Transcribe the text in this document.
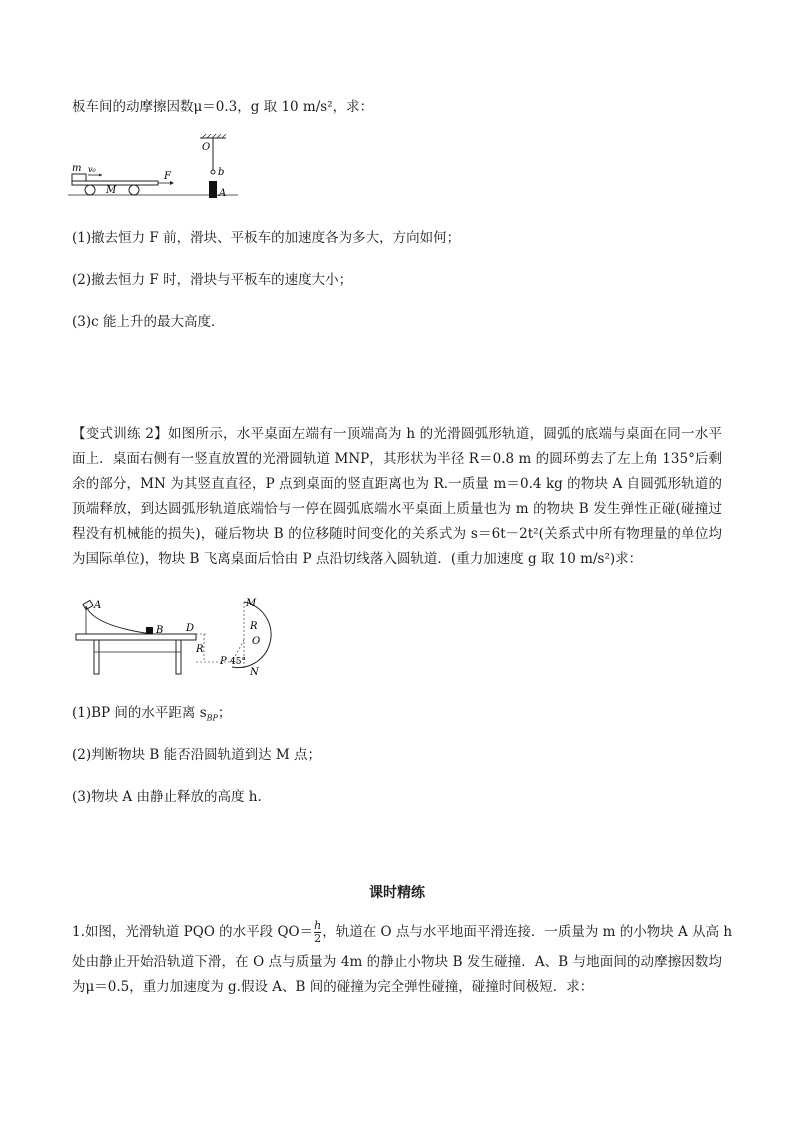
板车间的动摩擦因数μ＝0.3，g 取 10 m/s²，求：
O
b
A
m v₀
M
F
(1)撤去恒力 F 前，滑块、平板车的加速度各为多大，方向如何；
(2)撤去恒力 F 时，滑块与平板车的速度大小；
(3)c 能上升的最大高度．
【变式训练 2】如图所示，水平桌面左端有一顶端高为 h 的光滑圆弧形轨道，圆弧的底端与桌面在同一水平面上．桌面右侧有一竖直放置的光滑圆轨道 MNP，其形状为半径 R＝0.8 m 的圆环剪去了左上角 135°后剩余的部分，MN 为其竖直直径，P 点到桌面的竖直距离也为 R.一质量 m＝0.4 kg 的物块 A 自圆弧形轨道的顶端释放，到达圆弧形轨道底端恰与一停在圆弧底端水平桌面上质量也为 m 的物块 B 发生弹性正碰(碰撞过程没有机械能的损失)，碰后物块 B 的位移随时间变化的关系式为 s＝6t－2t²(关系式中所有物理量的单位均为国际单位)，物块 B 飞离桌面后恰由 P 点沿切线落入圆轨道．(重力加速度 g 取 10 m/s²)求：
A
B D
R
M
R
O
P 45°
N
(1)BP 间的水平距离 $s_{BP}$；
(2)判断物块 B 能否沿圆轨道到达 M 点；
(3)物块 A 由静止释放的高度 h.
课时精练
1.如图，光滑轨道 PQO 的水平段 $QO= \frac{h}{2}$ ，轨道在 O 点与水平地面平滑连接．一质量为 m 的小物块 A 从高 h
处由静止开始沿轨道下滑，在 O 点与质量为 4m 的静止小物块 B 发生碰撞．A、B 与地面间的动摩擦因数均为μ＝0.5，重力加速度为 g.假设 A、B 间的碰撞为完全弹性碰撞，碰撞时间极短．求：
